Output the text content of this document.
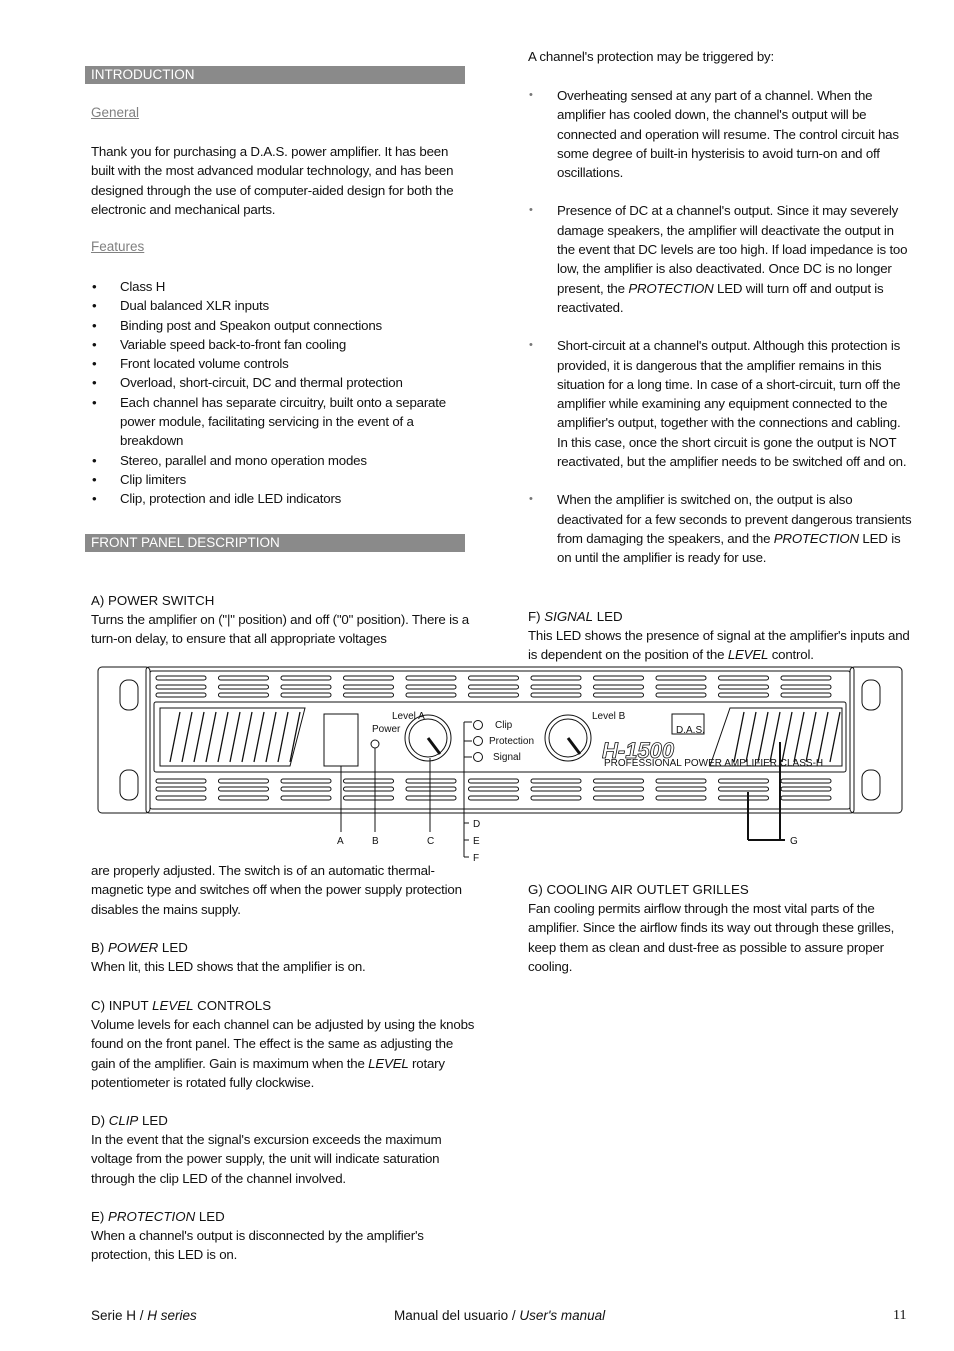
INTRODUCTION
General
Thank you for purchasing a D.A.S. power amplifier. It has been built with the most advanced modular technology, and has been designed through the use of computer-aided design for both the electronic and mechanical parts.
Features
• Class H
• Dual balanced XLR inputs
• Binding post and Speakon output connections
• Variable speed back-to-front fan cooling
• Front located volume controls
• Overload, short-circuit, DC and thermal protection
• Each channel has separate circuitry, built onto a separate power module, facilitating servicing in the event of a breakdown
• Stereo, parallel and mono operation modes
• Clip limiters
• Clip, protection and idle LED indicators
FRONT PANEL DESCRIPTION
A) POWER SWITCH
Turns the amplifier on ("|" position) and off ("0" position). There is a turn-on delay, to ensure that all appropriate voltages
Power
Level A
Clip
Protection
Signal
Level B
D.A.S.
H-1500
PROFESSIONAL POWER AMPLIFIER CLASS-H
A	B	C
D
E
F
G
are properly adjusted. The switch is of an automatic thermal-magnetic type and switches off when the power supply protection disables the mains supply.
B) POWER LED
When lit, this LED shows that the amplifier is on.
C) INPUT LEVEL CONTROLS
Volume levels for each channel can be adjusted by using the knobs found on the front panel. The effect is the same as adjusting the gain of the amplifier. Gain is maximum when the LEVEL rotary potentiometer is rotated fully clockwise.
D) CLIP LED
In the event that the signal's excursion exceeds the maximum voltage from the power supply, the unit will indicate saturation through the clip LED of the channel involved.
E) PROTECTION LED
When a channel's output is disconnected by the amplifier's protection, this LED is on.
A channel's protection may be triggered by:
• Overheating sensed at any part of a channel. When the amplifier has cooled down, the channel's output will be connected and operation will resume. The control circuit has some degree of built-in hysterisis to avoid turn-on and off oscillations.
• Presence of DC at a channel's output. Since it may severely damage speakers, the amplifier will deactivate the output in the event that DC levels are too high. If load impedance is too low, the amplifier is also deactivated. Once DC is no longer present, the PROTECTION LED will turn off and output is reactivated.
• Short-circuit at a channel's output. Although this protection is provided, it is dangerous that the amplifier remains in this situation for a long time. In case of a short-circuit, turn off the amplifier while examining any equipment connected to the amplifier's output, together with the connections and cabling. In this case, once the short circuit is gone the output is NOT reactivated, but the amplifier needs to be switched off and on.
• When the amplifier is switched on, the output is also deactivated for a few seconds to prevent dangerous transients from damaging the speakers, and the PROTECTION LED is on until the amplifier is ready for use.
F) SIGNAL LED
This LED shows the presence of signal at the amplifier's inputs and is dependent on the position of the LEVEL control.
G) COOLING AIR OUTLET GRILLES
Fan cooling permits airflow through the most vital parts of the amplifier. Since the airflow finds its way out through these grilles, keep them as clean and dust-free as possible to assure proper cooling.
Serie H / H series	Manual del usuario / User's manual	11
